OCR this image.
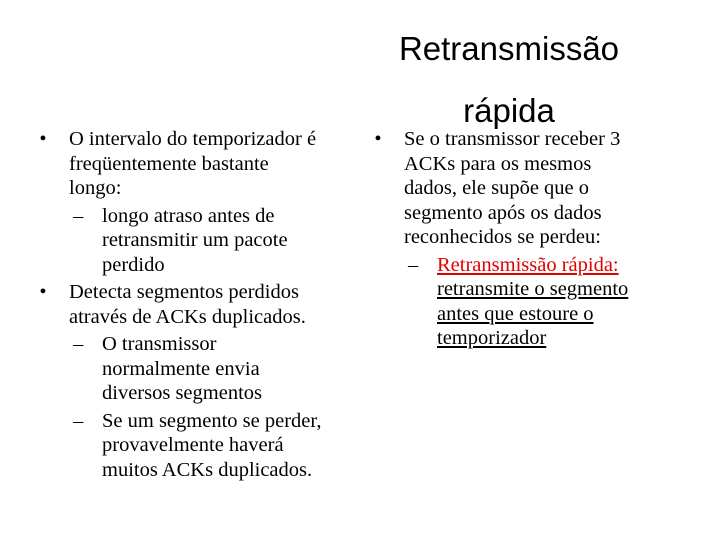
Retransmissão
rápida
•	O intervalo do temporizador é
freqüentemente bastante
longo:
– longo atraso antes de
retransmitir um pacote
perdido
•	Detecta segmentos perdidos
através de ACKs duplicados.
– O transmissor
normalmente envia
diversos segmentos
– Se um segmento se perder,
provavelmente haverá
muitos ACKs duplicados.
•	Se o transmissor receber 3
ACKs para os mesmos
dados, ele supõe que o
segmento após os dados
reconhecidos se perdeu:
– Retransmissão rápida:
retransmite o segmento
antes que estoure o
temporizador
